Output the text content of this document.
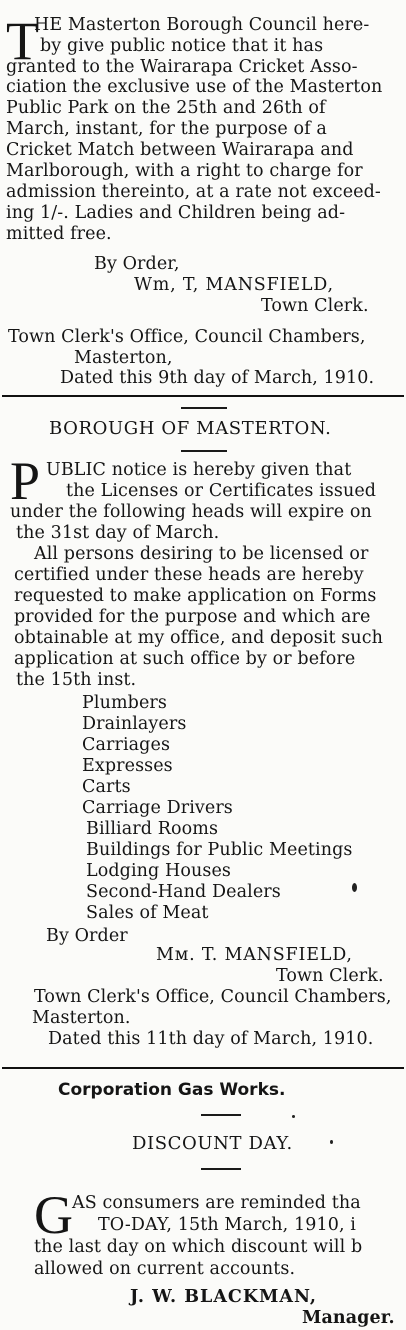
T
HE Masterton Borough Council here-
by give public notice that it has
granted to the Wairarapa Cricket Asso-
ciation the exclusive use of the Masterton
Public Park on the 25th and 26th of
March, instant, for the purpose of a
Cricket Match between Wairarapa and
Marlborough, with a right to charge for
admission thereinto, at a rate not exceed-
ing 1/-. Ladies and Children being ad-
mitted free.
By Order,
Wm, T, MANSFIELD,
Town Clerk.
Town Clerk's Office, Council Chambers,
Masterton,
Dated this 9th day of March, 1910.
BOROUGH OF MASTERTON.
P UBLIC notice is hereby given that
the Licenses or Certificates issued
under the following heads will expire on
the 31st day of March.
All persons desiring to be licensed or
certified under these heads are hereby
requested to make application on Forms
provided for the purpose and which are
obtainable at my office, and deposit such
application at such office by or before
the 15th inst.
Plumbers
Drainlayers
Carriages
Expresses
Carts
Carriage Drivers
Billiard Rooms
Buildings for Public Meetings
Lodging Houses
Second-Hand Dealers
Sales of Meat
By Order
Mм. T. MANSFIELD,
Town Clerk.
Town Clerk's Office, Council Chambers,
Masterton.
Dated this 11th day of March, 1910.
Corporation Gas Works.
DISCOUNT DAY.
G AS consumers are reminded tha
TO-DAY, 15th March, 1910, i
the last day on which discount will b
allowed on current accounts.
J. W. BLACKMAN,
Manager.
